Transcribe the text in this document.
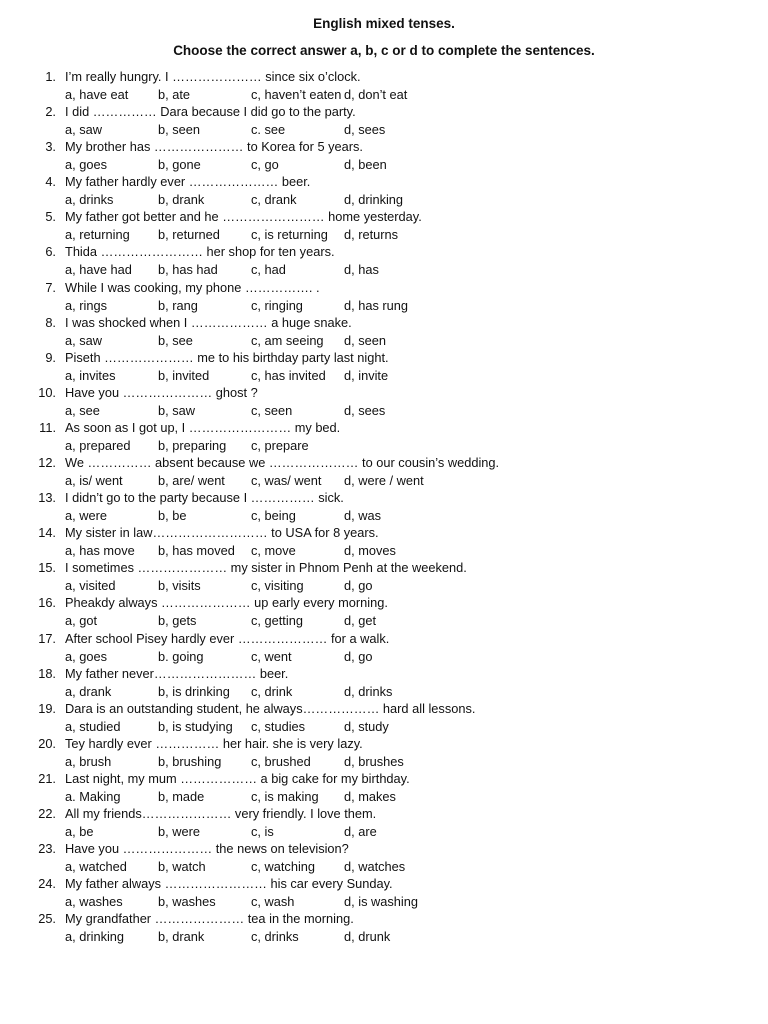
English mixed tenses.
Choose the correct answer a, b, c or d to complete the sentences.
1. I’m really hungry. I ………………… since six o’clock.
a, have eat b, ate	c, haven’t eaten d, don’t eat
2. I did …………… Dara because I did go to the party.
a, saw	b, seen	c. see	d, sees
3. My brother has ………………… to Korea for 5 years.
a, goes	b, gone	c, go	d, been
4. My father hardly ever ………………… beer.
a, drinks	b, drank	c, drank	d, drinking
5. My father got better and he …………………… home yesterday.
a, returning b, returned c, is returning d, returns
6. Thida …………………… her shop for ten years.
a, have had b, has had	c, had	d, has
7. While I was cooking, my phone ……………. .
a, rings	b, rang	c, ringing	d, has rung
8. I was shocked when I ……………… a huge snake.
a, saw	b, see	c, am seeing d, seen
9. Piseth ………………… me to his birthday party last night.
a, invites	b, invited	c, has invited d, invite
10. Have you ………………… ghost ?
a, see	b, saw	c, seen	d, sees
11. As soon as I got up, I …………………… my bed.
a, prepared b, preparing c, prepare
12. We …………… absent because we ………………… to our cousin’s wedding.
a, is/ went	b, are/ went c, was/ went d, were / went
13. I didn’t go to the party because I …………… sick.
a, were	b, be	c, being	d, was
14. My sister in law……………………… to USA for 8 years.
a, has move b, has moved c, move	d, moves
15. I sometimes ………………… my sister in Phnom Penh at the weekend.
a, visited	b, visits	c, visiting	d, go
16. Pheakdy always ………………… up early every morning.
a, got	b, gets	c, getting	d, get
17. After school Pisey hardly ever ………………… for a walk.
a, goes	b. going	c, went	d, go
18. My father never…………………… beer.
a, drank	b, is drinking c, drink	d, drinks
19. Dara is an outstanding student, he always……………… hard all lessons.
a, studied	b, is studying c, studies	d, study
20. Tey hardly ever …………… her hair. she is very lazy.
a, brush	b, brushing c, brushed	d, brushes
21. Last night, my mum ……………… a big cake for my birthday.
a. Making	b, made	c, is making d, makes
22. All my friends………………… very friendly. I love them.
a, be	b, were	c, is	d, are
23. Have you ………………… the news on television?
a, watched b, watch	c, watching d, watches
24. My father always …………………… his car every Sunday.
a, washes	b, washes	c, wash	d, is washing
25. My grandfather ………………… tea in the morning.
a, drinking	b, drank	c, drinks	d, drunk
